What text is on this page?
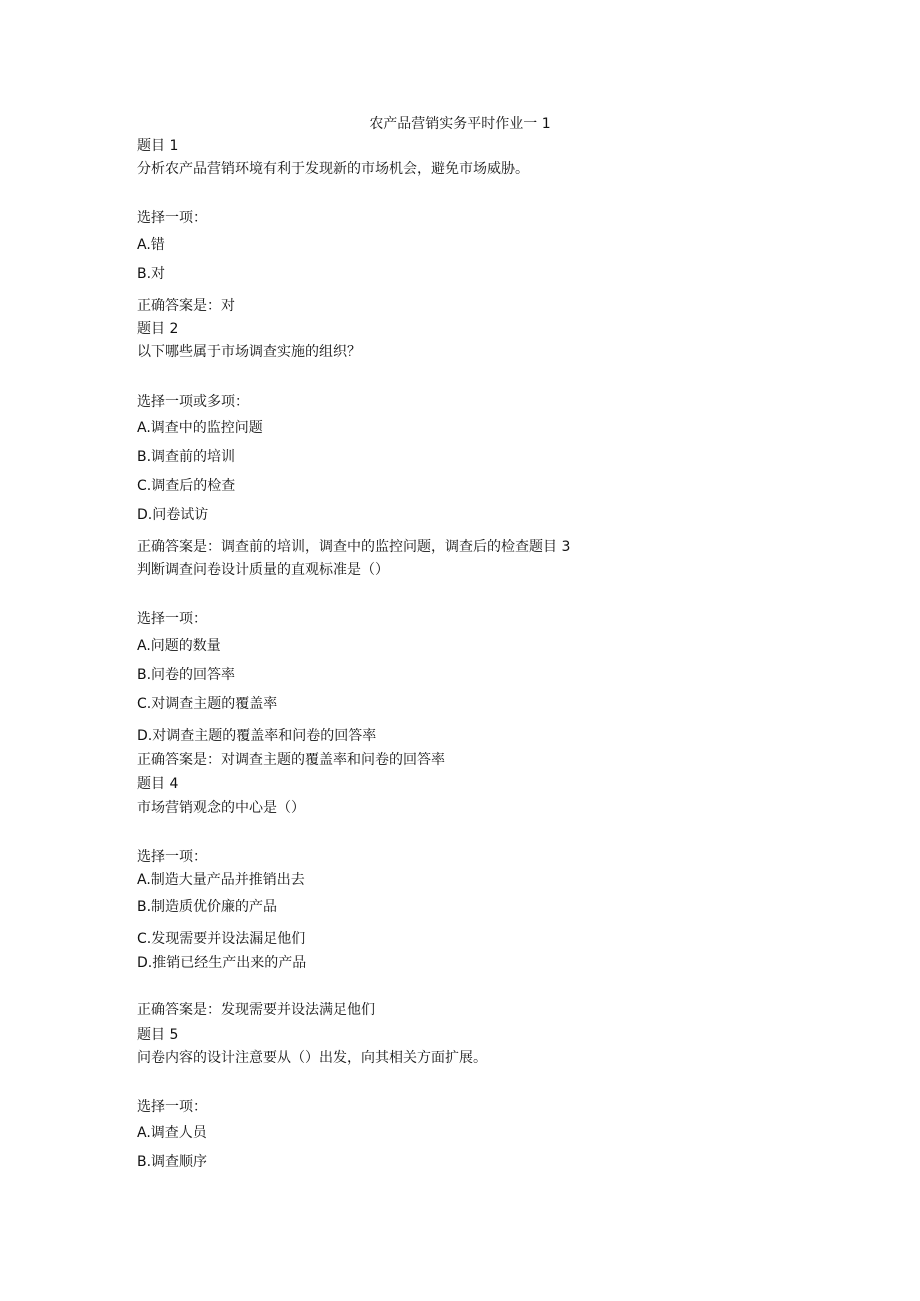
农产品营销实务平时作业一 1
题目 1
分析农产品营销环境有利于发现新的市场机会，避免市场威胁。
选择一项：
A.错
B.对
正确答案是：对
题目 2
以下哪些属于市场调查实施的组织？
选择一项或多项：
A.调查中的监控问题
B.调查前的培训
C.调查后的检查
D.问卷试访
正确答案是：调查前的培训，调查中的监控问题，调查后的检查题目 3
判断调查问卷设计质量的直观标准是（）
选择一项：
A.问题的数量
B.问卷的回答率
C.对调查主题的覆盖率
D.对调查主题的覆盖率和问卷的回答率
正确答案是：对调查主题的覆盖率和问卷的回答率
题目 4
市场营销观念的中心是（）
选择一项：
A.制造大量产品并推销出去
B.制造质优价廉的产品
C.发现需要并设法漏足他们
D.推销已经生产出来的产品
正确答案是：发现需要并设法满足他们
题目 5
问卷内容的设计注意要从（）出发，向其相关方面扩展。
选择一项：
A.调查人员
B.调查顺序
